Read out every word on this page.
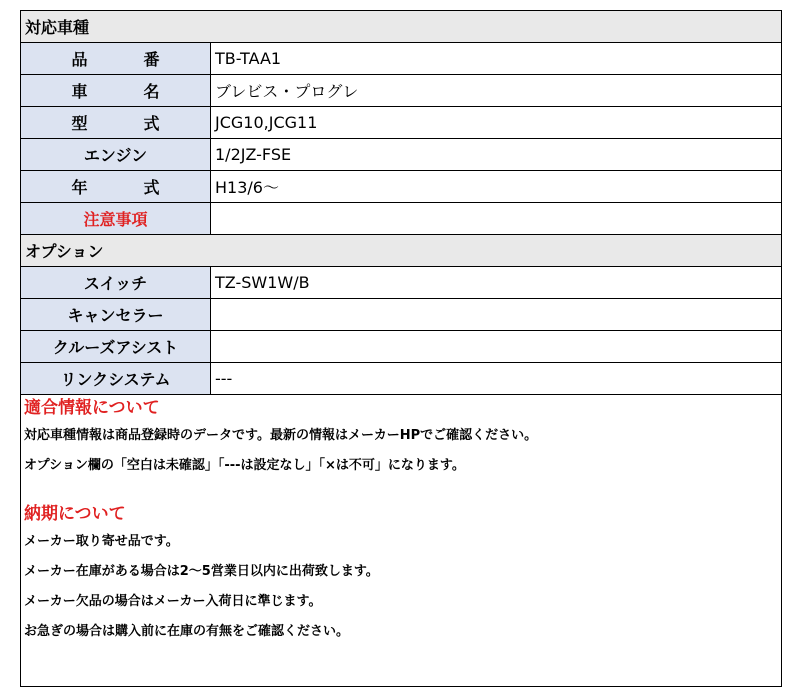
対応車種
品　番 TB-TAA1
車　名 ブレビス・プログレ
型　式 JCG10,JCG11
エンジン	1/2JZ-FSE
年　式 H13/6〜
注意事項
オプション
スイッチ	TZ-SW1W/B
キャンセラー
クルーズアシスト
リンクシステム	---
適合情報について
対応車種情報は商品登録時のデータです。最新の情報はメーカーHPでご確認ください。
オプション欄の「空白は未確認」「---は設定なし」「×は不可」になります。
納期について
メーカー取り寄せ品です。
メーカー在庫がある場合は2〜5営業日以内に出荷致します。
メーカー欠品の場合はメーカー入荷日に準じます。
お急ぎの場合は購入前に在庫の有無をご確認ください。
